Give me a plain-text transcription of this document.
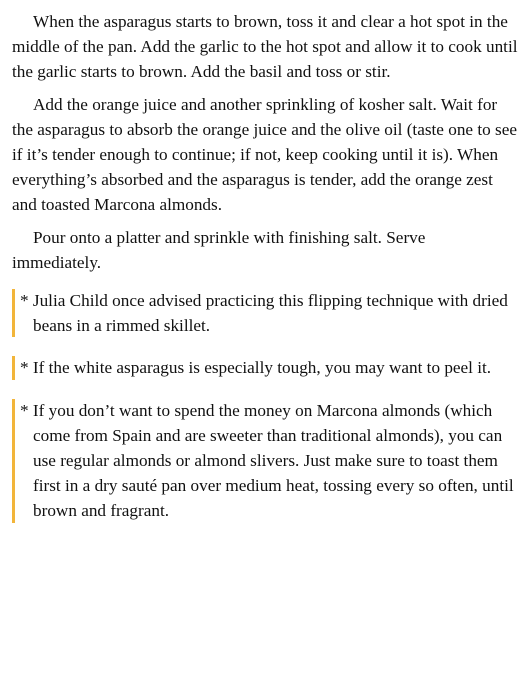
When the asparagus starts to brown, toss it and clear a hot spot in the middle of the pan. Add the garlic to the hot spot and allow it to cook until the garlic starts to brown. Add the basil and toss or stir.

Add the orange juice and another sprinkling of kosher salt. Wait for the asparagus to absorb the orange juice and the olive oil (taste one to see if it’s tender enough to continue; if not, keep cooking until it is). When everything’s absorbed and the asparagus is tender, add the orange zest and toasted Marcona almonds.

Pour onto a platter and sprinkle with finishing salt. Serve immediately.

* Julia Child once advised practicing this flipping technique with dried beans in a rimmed skillet.
* If the white asparagus is especially tough, you may want to peel it.
* If you don’t want to spend the money on Marcona almonds (which come from Spain and are sweeter than traditional almonds), you can use regular almonds or almond slivers. Just make sure to toast them first in a dry sauté pan over medium heat, tossing every so often, until brown and fragrant.
